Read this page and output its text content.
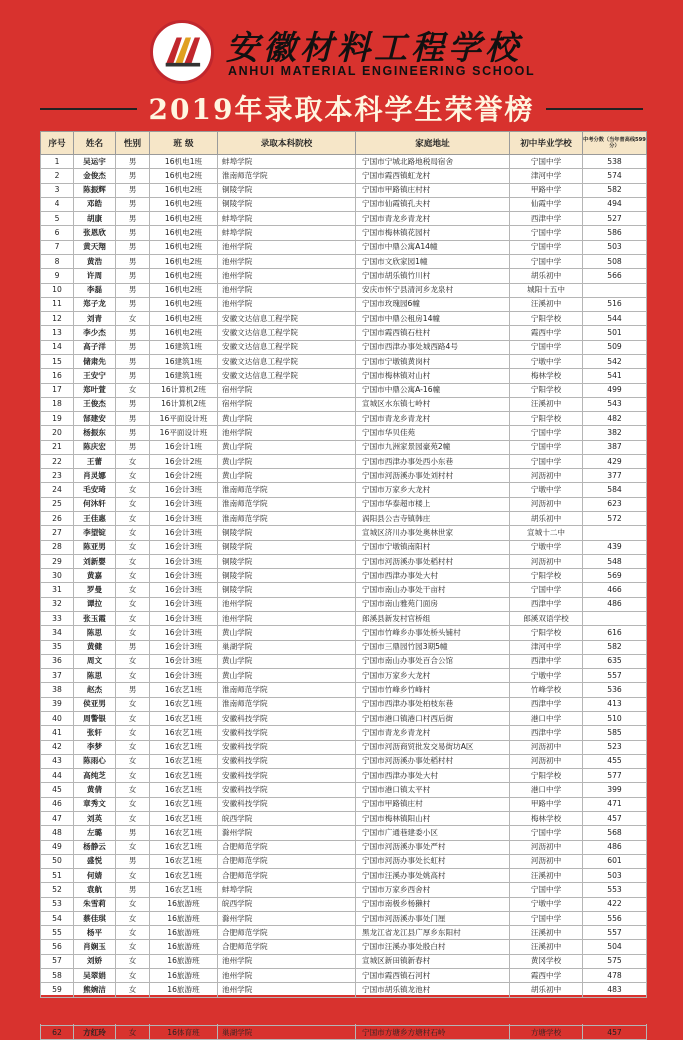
安徽材料工程学校
ANHUI MATERIAL ENGINEERING SCHOOL
2019年录取本科学生荣誉榜
序号	姓名	性别	班 级	录取本科院校	家庭地址	初中毕业学校	中考分数（当年普高线599分）
1	吴运宇	男	16机电1班	蚌埠学院	宁国市宁城北路地税局宿舍	宁国中学	538
2	金俊杰	男	16机电2班	淮南师范学院	宁国市霞西镇虹龙村	津河中学	574
3	陈振辉	男	16机电2班	铜陵学院	宁国市甲路镇庄村村	甲路中学	582
4	邓皓	男	16机电2班	铜陵学院	宁国市仙霞镇孔夫村	仙霞中学	494
5	胡康	男	16机电2班	蚌埠学院	宁国市青龙乡青龙村	西津中学	527
6	张恩欣	男	16机电2班	蚌埠学院	宁国市梅林镇花园村	宁国中学	586
7	黄天翔	男	16机电2班	池州学院	宁国市中鼎公寓A14幢	宁国中学	503
8	黄浩	男	16机电2班	池州学院	宁国市文欣家园1幢	宁国中学	508
9	许周	男	16机电2班	池州学院	宁国市胡乐镇竹川村	胡乐初中	566
10	李磊	男	16机电2班	池州学院	安庆市怀宁县清河乡龙泉村	城阳十五中	
11	郑子龙	男	16机电2班	池州学院	宁国市玫瑰园6幢	汪溪初中	516
12	刘青	女	16机电2班	安徽文达信息工程学院	宁国市中鼎公租房14幢	宁阳学校	544
13	李少杰	男	16机电2班	安徽文达信息工程学院	宁国市霞西镇石柱村	霞西中学	501
14	高子洋	男	16建筑1班	安徽文达信息工程学院	宁国市西津办事处城西路4号	宁国中学	509
15	储肃先	男	16建筑1班	安徽文达信息工程学院	宁国市宁墩镇黄岗村	宁墩中学	542
16	王安宁	男	16建筑1班	安徽文达信息工程学院	宁国市梅林镇对山村	梅林学校	541
17	郑叶萱	女	16计算机2班	宿州学院	宁国市中鼎公寓A-16幢	宁阳学校	499
18	王俊杰	男	16计算机2班	宿州学院	宣城区水东镇七岭村	汪溪初中	543
19	郜建安	男	16平面设计班	黄山学院	宁国市青龙乡青龙村	宁阳学校	482
20	杨振东	男	16平面设计班	池州学院	宁国市华贝佳苑	宁国中学	382
21	陈庆宏	男	16会计1班	黄山学院	宁国市九洲家景园豪苑2幢	宁国中学	387
22	王蕾	女	16会计2班	黄山学院	宁国市西津办事处西小东巷	宁国中学	429
23	肖灵娜	女	16会计2班	黄山学院	宁国市河沥溪办事处刘村村	河沥初中	377
24	毛安琦	女	16会计3班	淮南师范学院	宁国市万家乡大龙村	宁墩中学	584
25	何沐轩	女	16会计3班	淮南师范学院	宁国市华泰超市楼上	河沥初中	623
26	王佳惠	女	16会计3班	淮南师范学院	涡阳县公吉寺镇韩庄	胡乐初中	572
27	李望锭	女	16会计3班	铜陵学院	宣城区济川办事处奥林世家	宣城十二中	
28	陈亚男	女	16会计3班	铜陵学院	宁国市宁墩镇南阳村	宁墩中学	439
29	刘新婴	女	16会计3班	铜陵学院	宁国市河沥溪办事处稻村村	河沥初中	548
30	黄嘉	女	16会计3班	铜陵学院	宁国市西津办事处大村	宁阳学校	569
31	罗曼	女	16会计3班	铜陵学院	宁国市南山办事处干亩村	宁国中学	466
32	谭拉	女	16会计3班	池州学院	宁国市南山雅苑门面房	西津中学	486
33	张玉霞	女	16会计3班	池州学院	郎溪县新发村官桥组	郎溪双语学校	
34	陈思	女	16会计3班	黄山学院	宁国市竹峰乡办事处桥头铺村	宁阳学校	616
35	黄健	男	16会计3班	巢湖学院	宁国市三鼎园竹园3期5幢	津河中学	582
36	周文	女	16会计3班	黄山学院	宁国市南山办事处百合公馆	西津中学	635
37	陈思	女	16会计3班	黄山学院	宁国市万家乡大龙村	宁墩中学	557
38	赵杰	男	16农艺1班	淮南师范学院	宁国市竹峰乡竹峰村	竹峰学校	536
39	侯亚男	女	16农艺1班	淮南师范学院	宁国市西津办事处柏枝东巷	西津中学	413
40	周警银	女	16农艺1班	安徽科技学院	宁国市港口镇港口村西后街	港口中学	510
41	张轩	女	16农艺1班	安徽科技学院	宁国市青龙乡青龙村	西津中学	585
42	李梦	女	16农艺1班	安徽科技学院	宁国市河沥商贸批发交易街坊A区	河沥初中	523
43	陈雨心	女	16农艺1班	安徽科技学院	宁国市河沥溪办事处稻村村	河沥初中	455
44	高纯芝	女	16农艺1班	安徽科技学院	宁国市西津办事处大村	宁阳学校	577
45	黄倩	女	16农艺1班	安徽科技学院	宁国市港口镇太平村	港口中学	399
46	章秀文	女	16农艺1班	安徽科技学院	宁国市甲路镇庄村	甲路中学	471
47	刘英	女	16农艺1班	皖西学院	宁国市梅林镇阳山村	梅林学校	457
48	左璐	男	16农艺1班	滁州学院	宁国市广通巷建委小区	宁国中学	568
49	杨静云	女	16农艺1班	合肥师范学院	宁国市河沥溪办事处严村	河沥初中	486
50	盛悦	男	16农艺1班	合肥师范学院	宁国市河沥办事处长虹村	河沥初中	601
51	何婧	女	16农艺1班	合肥师范学院	宁国市汪溪办事处姚高村	汪溪初中	503
52	袁航	男	16农艺1班	蚌埠学院	宁国市万家乡西舍村	宁国中学	553
53	朱雪莉	女	16旅游班	皖西学院	宁国市南极乡杨獭村	宁墩中学	422
54	蔡佳琪	女	16旅游班	滁州学院	宁国市河沥溪办事处门厘	宁国中学	556
55	杨平	女	16旅游班	合肥师范学院	黑龙江省龙江县广厚乡东阳村	汪溪初中	557
56	肖娴玉	女	16旅游班	合肥师范学院	宁国市汪溪办事处殷白村	汪溪初中	504
57	刘娇	女	16旅游班	池州学院	宣城区新田镇新春村	黄冈学校	575
58	吴翠娟	女	16旅游班	池州学院	宁国市霞西镇石河村	霞西中学	478
59	熊婉洁	女	16旅游班	池州学院	宁国市胡乐镇龙池村	胡乐初中	483

62	方红玲	女	16体育班	巢湖学院	宁国市方塘乡方塘村石岭	方塘学校	457
